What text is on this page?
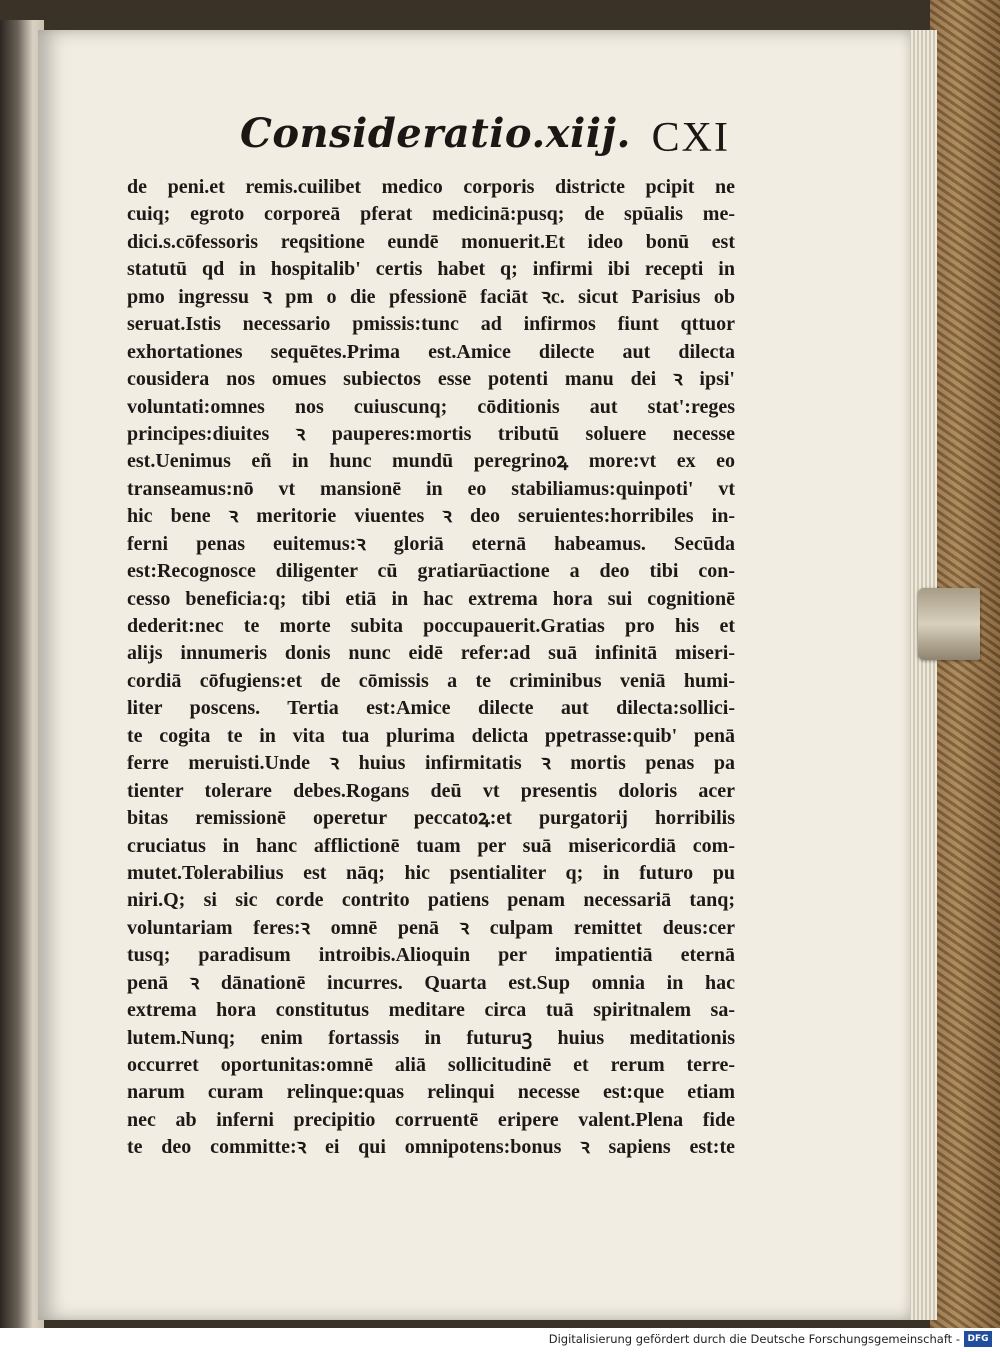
Consideratio.xiij. CXI
de peni.et remis.cuilibet medico corporis districte pcipit ne
cuiq; egroto corporeā pferat medicinā:pusq; de spūalis me-
dici.s.cōfessoris reqsitione eundē monuerit.Et ideo bonū est
statutū qd in hospitalib' certis habet q; infirmi ibi recepti in
pmo ingressu ꝛ pm o die pfessionē faciāt ꝛc. sicut Parisius ob
seruat.Istis necessario pmissis:tunc ad infirmos fiunt qttuor
exhortationes sequētes.Prima est.Amice dilecte aut dilecta
cousidera nos omues subiectos esse potenti manu dei ꝛ ipsi'
voluntati:omnes nos cuiuscunq; cōditionis aut stat':reges
principes:diuites ꝛ pauperes:mortis tributū soluere necesse
est.Uenimus eñ in hunc mundū peregrinoꝝ more:vt ex eo
transeamus:nō vt mansionē in eo stabiliamus:quinpoti' vt
hic bene ꝛ meritorie viuentes ꝛ deo seruientes:horribiles in-
ferni penas euitemus:ꝛ gloriā eternā habeamus. Secūda
est:Recognosce diligenter cū gratiarūactione a deo tibi con-
cesso beneficia:q; tibi etiā in hac extrema hora sui cognitionē
dederit:nec te morte subita poccupauerit.Gratias pro his et
alijs innumeris donis nunc eidē refer:ad suā infinitā miseri-
cordiā cōfugiens:et de cōmissis a te criminibus veniā humi-
liter poscens. Tertia est:Amice dilecte aut dilecta:sollici-
te cogita te in vita tua plurima delicta ppetrasse:quib' penā
ferre meruisti.Unde ꝛ huius infirmitatis ꝛ mortis penas pa
tienter tolerare debes.Rogans deū vt presentis doloris acer
bitas remissionē operetur peccatoꝝ:et purgatorij horribilis
cruciatus in hanc afflictionē tuam per suā misericordiā com-
mutet.Tolerabilius est nāq; hic psentialiter q; in futuro pu
niri.Q; si sic corde contrito patiens penam necessariā tanq;
voluntariam feres:ꝛ omnē penā ꝛ culpam remittet deus:cer
tusq; paradisum introibis.Alioquin per impatientiā eternā
penā ꝛ dānationē incurres. Quarta est.Sup omnia in hac
extrema hora constitutus meditare circa tuā spiritnalem sa-
lutem.Nunq; enim fortassis in futuruꝫ huius meditationis
occurret oportunitas:omnē aliā sollicitudinē et rerum terre-
narum curam relinque:quas relinqui necesse est:que etiam
nec ab inferni precipitio corruentē eripere valent.Plena fide
te deo committe:ꝛ ei qui omnipotens:bonus ꝛ sapiens est:te
Digitalisierung gefördert durch die Deutsche Forschungsgemeinschaft - DFG
